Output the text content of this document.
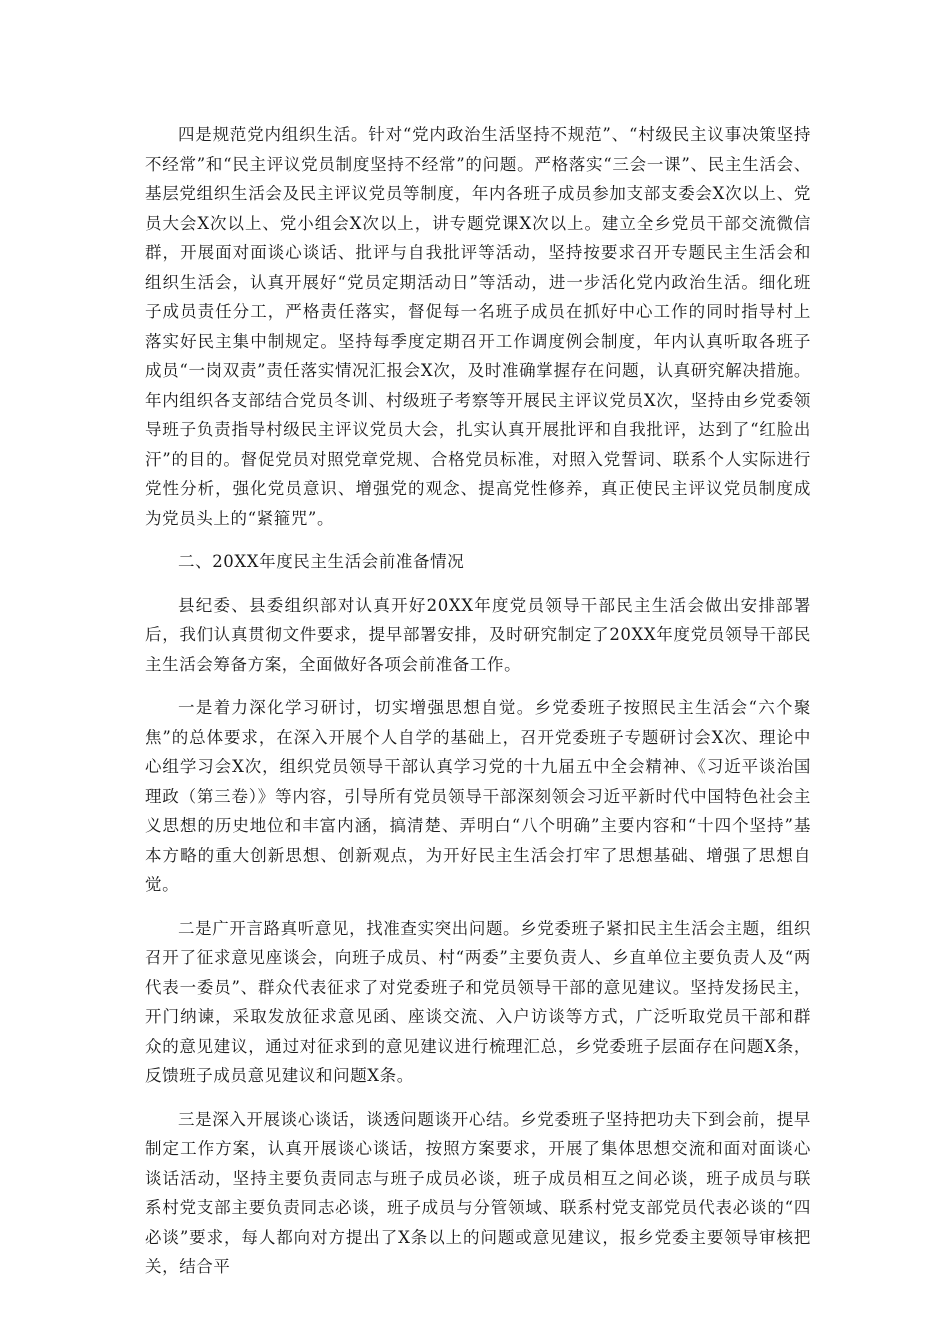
四是规范党内组织生活。针对“党内政治生活坚持不规范”、“村级民主议事决策坚持不经常”和“民主评议党员制度坚持不经常”的问题。严格落实“三会一课”、民主生活会、基层党组织生活会及民主评议党员等制度，年内各班子成员参加支部支委会X次以上、党员大会X次以上、党小组会X次以上，讲专题党课X次以上。建立全乡党员干部交流微信群，开展面对面谈心谈话、批评与自我批评等活动，坚持按要求召开专题民主生活会和组织生活会，认真开展好“党员定期活动日”等活动，进一步活化党内政治生活。细化班子成员责任分工，严格责任落实，督促每一名班子成员在抓好中心工作的同时指导村上落实好民主集中制规定。坚持每季度定期召开工作调度例会制度，年内认真听取各班子成员“一岗双责”责任落实情况汇报会X次，及时准确掌握存在问题，认真研究解决措施。年内组织各支部结合党员冬训、村级班子考察等开展民主评议党员X次，坚持由乡党委领导班子负责指导村级民主评议党员大会，扎实认真开展批评和自我批评，达到了“红脸出汗”的目的。督促党员对照党章党规、合格党员标准，对照入党誓词、联系个人实际进行党性分析，强化党员意识、增强党的观念、提高党性修养，真正使民主评议党员制度成为党员头上的“紧箍咒”。

二、20XX年度民主生活会前准备情况

县纪委、县委组织部对认真开好20XX年度党员领导干部民主生活会做出安排部署后，我们认真贯彻文件要求，提早部署安排，及时研究制定了20XX年度党员领导干部民主生活会筹备方案，全面做好各项会前准备工作。

一是着力深化学习研讨，切实增强思想自觉。乡党委班子按照民主生活会“六个聚焦”的总体要求，在深入开展个人自学的基础上，召开党委班子专题研讨会X次、理论中心组学习会X次，组织党员领导干部认真学习党的十九届五中全会精神、《习近平谈治国理政（第三卷）》等内容，引导所有党员领导干部深刻领会习近平新时代中国特色社会主义思想的历史地位和丰富内涵，搞清楚、弄明白“八个明确”主要内容和“十四个坚持”基本方略的重大创新思想、创新观点，为开好民主生活会打牢了思想基础、增强了思想自觉。

二是广开言路真听意见，找准查实突出问题。乡党委班子紧扣民主生活会主题，组织召开了征求意见座谈会，向班子成员、村“两委”主要负责人、乡直单位主要负责人及“两代表一委员”、群众代表征求了对党委班子和党员领导干部的意见建议。坚持发扬民主，开门纳谏，采取发放征求意见函、座谈交流、入户访谈等方式，广泛听取党员干部和群众的意见建议，通过对征求到的意见建议进行梳理汇总，乡党委班子层面存在问题X条，反馈班子成员意见建议和问题X条。

三是深入开展谈心谈话，谈透问题谈开心结。乡党委班子坚持把功夫下到会前，提早制定工作方案，认真开展谈心谈话，按照方案要求，开展了集体思想交流和面对面谈心谈话活动，坚持主要负责同志与班子成员必谈，班子成员相互之间必谈，班子成员与联系村党支部主要负责同志必谈，班子成员与分管领域、联系村党支部党员代表必谈的“四必谈”要求，每人都向对方提出了X条以上的问题或意见建议，报乡党委主要领导审核把关，结合平
